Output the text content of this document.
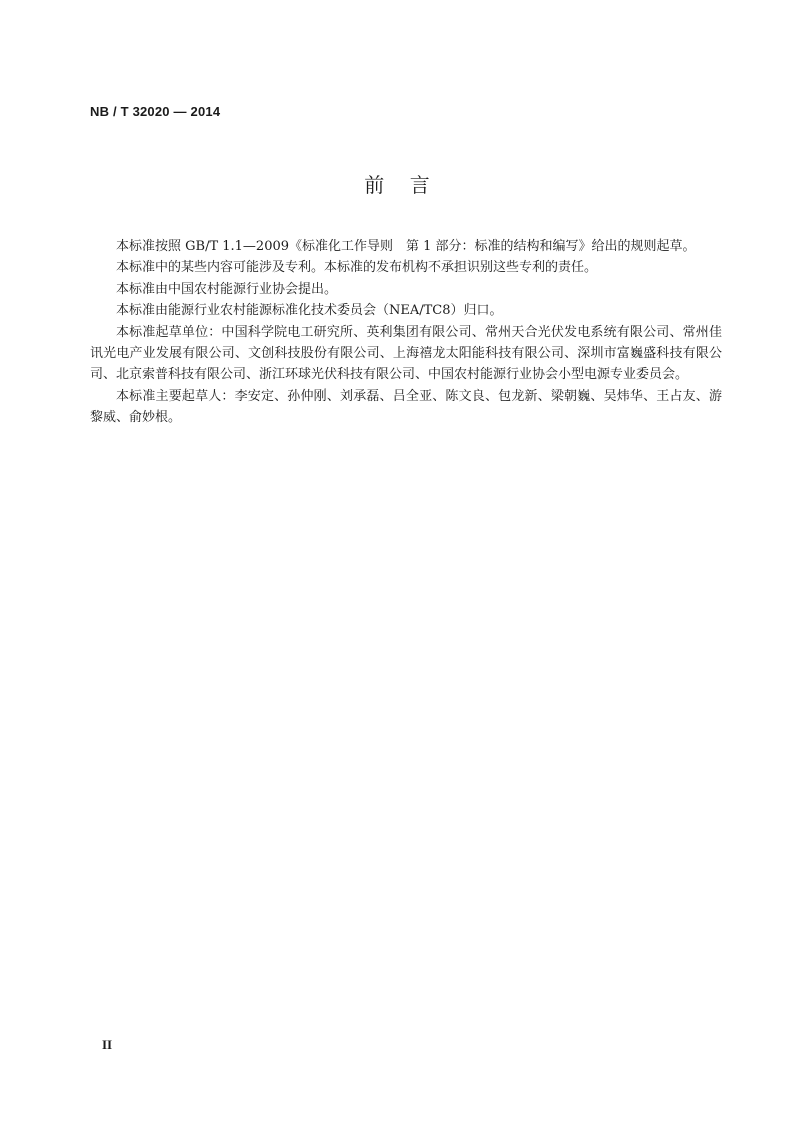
NB / T 32020 — 2014
前    言

本标准按照 GB/T 1.1—2009《标准化工作导则　第 1 部分：标准的结构和编写》给出的规则起草。

本标准中的某些内容可能涉及专利。本标准的发布机构不承担识别这些专利的责任。

本标准由中国农村能源行业协会提出。

本标准由能源行业农村能源标准化技术委员会（NEA/TC8）归口。

本标准起草单位：中国科学院电工研究所、英利集团有限公司、常州天合光伏发电系统有限公司、常州佳讯光电产业发展有限公司、文创科技股份有限公司、上海禧龙太阳能科技有限公司、深圳市富巍盛科技有限公司、北京索普科技有限公司、浙江环球光伏科技有限公司、中国农村能源行业协会小型电源专业委员会。

本标准主要起草人：李安定、孙仲刚、刘承磊、吕全亚、陈文良、包龙新、梁朝巍、吴炜华、王占友、游黎威、俞妙根。

II
